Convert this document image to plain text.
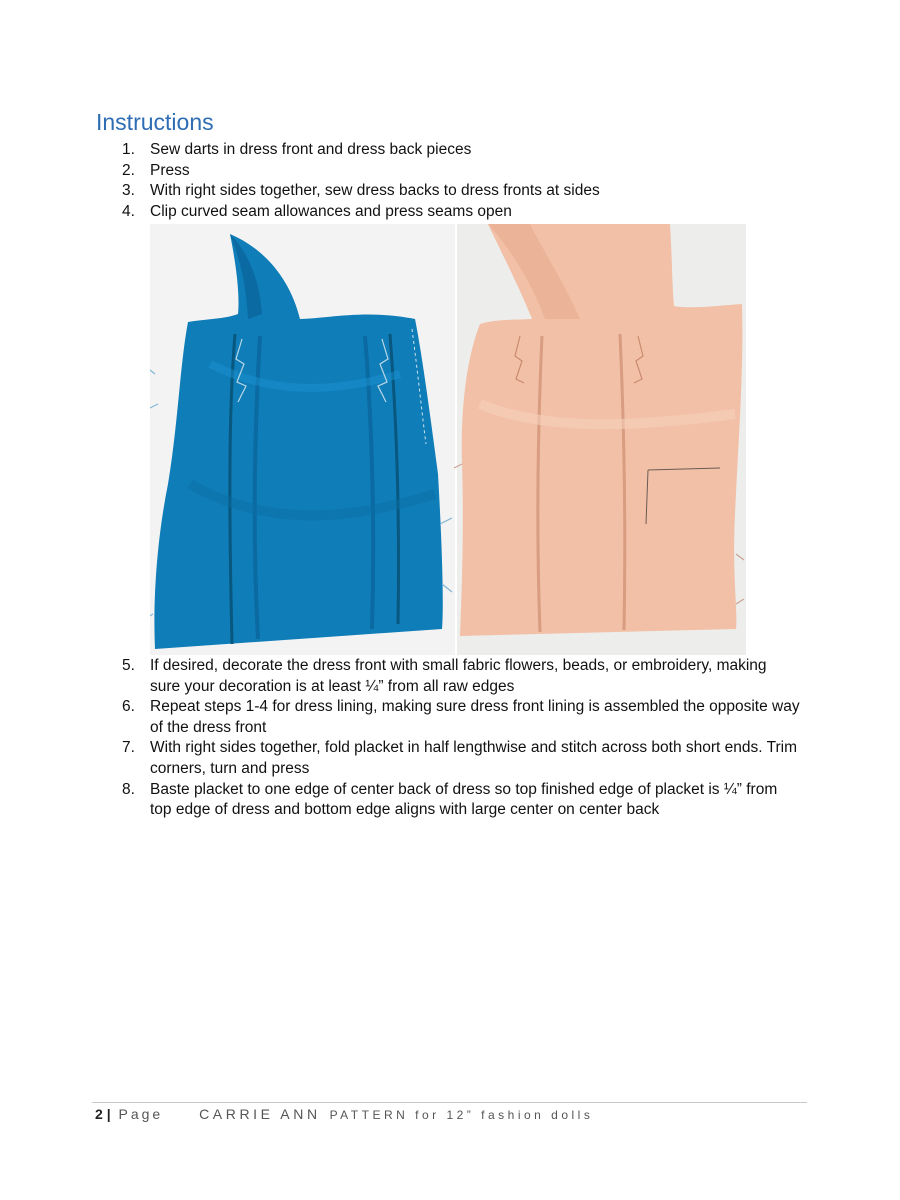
Instructions
1. Sew darts in dress front and dress back pieces
2. Press
3. With right sides together, sew dress backs to dress fronts at sides
4. Clip curved seam allowances and press seams open
5. If desired, decorate the dress front with small fabric flowers, beads, or embroidery, making sure your decoration is at least ¼” from all raw edges
6. Repeat steps 1-4 for dress lining, making sure dress front lining is assembled the opposite way of the dress front
7. With right sides together, fold placket in half lengthwise and stitch across both short ends. Trim corners, turn and press
8. Baste placket to one edge of center back of dress so top finished edge of placket is ¼” from top edge of dress and bottom edge aligns with large center on center back
2 | Page	CARRIE ANN PATTERN for 12” fashion dolls
